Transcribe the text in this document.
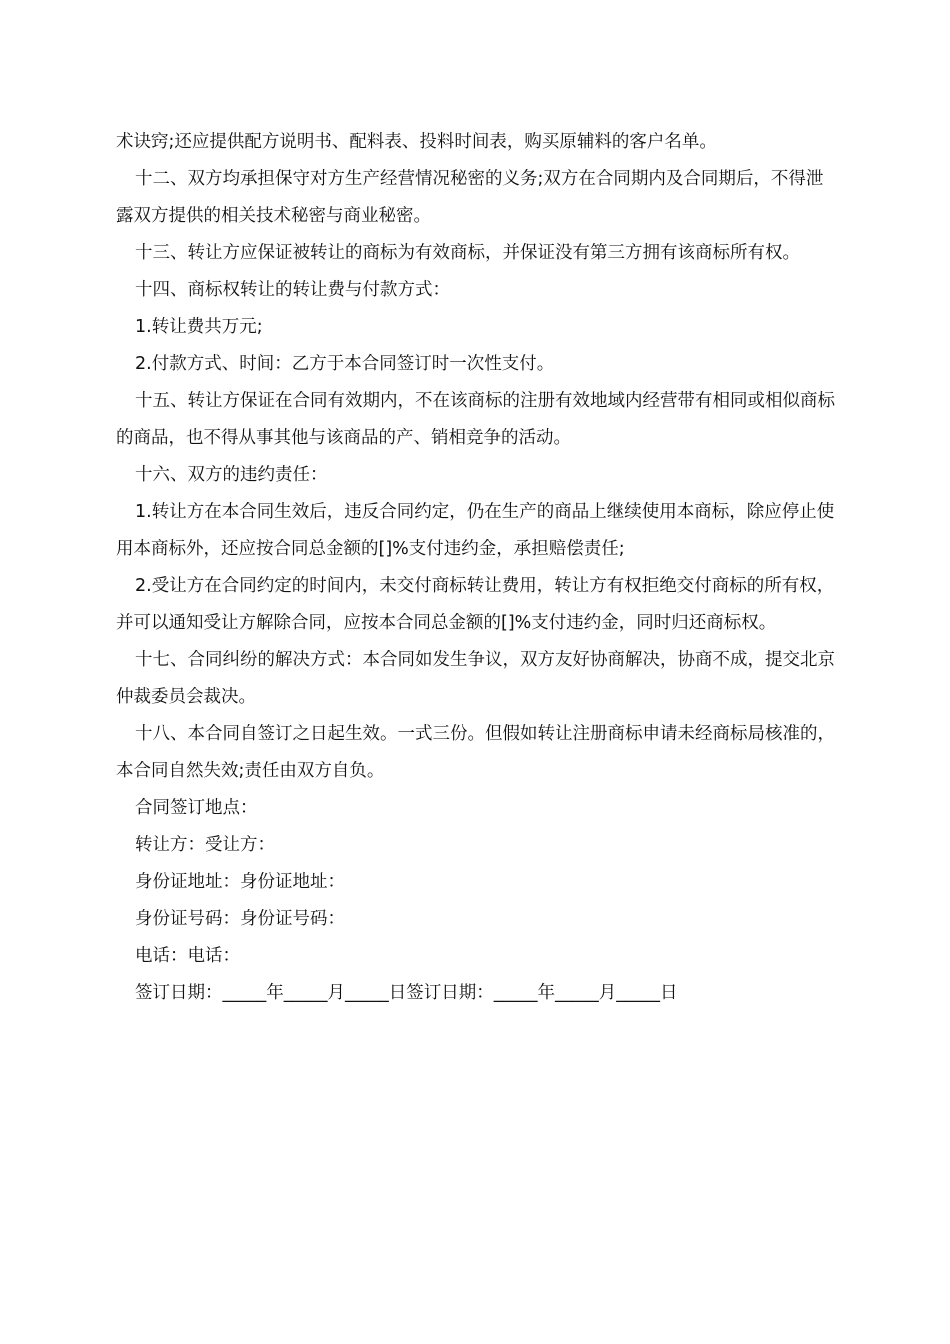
术诀窍;还应提供配方说明书、配料表、投料时间表，购买原辅料的客户名单。

十二、双方均承担保守对方生产经营情况秘密的义务;双方在合同期内及合同期后，不得泄露双方提供的相关技术秘密与商业秘密。

十三、转让方应保证被转让的商标为有效商标，并保证没有第三方拥有该商标所有权。

十四、商标权转让的转让费与付款方式：

1.转让费共万元;

2.付款方式、时间：乙方于本合同签订时一次性支付。

十五、转让方保证在合同有效期内，不在该商标的注册有效地域内经营带有相同或相似商标的商品，也不得从事其他与该商品的产、销相竞争的活动。

十六、双方的违约责任：

1.转让方在本合同生效后，违反合同约定，仍在生产的商品上继续使用本商标，除应停止使用本商标外，还应按合同总金额的[]%支付违约金，承担赔偿责任;

2.受让方在合同约定的时间内，未交付商标转让费用，转让方有权拒绝交付商标的所有权，并可以通知受让方解除合同，应按本合同总金额的[]%支付违约金，同时归还商标权。

十七、合同纠纷的解决方式：本合同如发生争议，双方友好协商解决，协商不成，提交北京仲裁委员会裁决。

十八、本合同自签订之日起生效。一式三份。但假如转让注册商标申请未经商标局核准的，本合同自然失效;责任由双方自负。

合同签订地点：

转让方：受让方：

身份证地址：身份证地址：

身份证号码：身份证号码：

电话：电话：

签订日期：_____年_____月_____日签订日期：_____年_____月_____日
